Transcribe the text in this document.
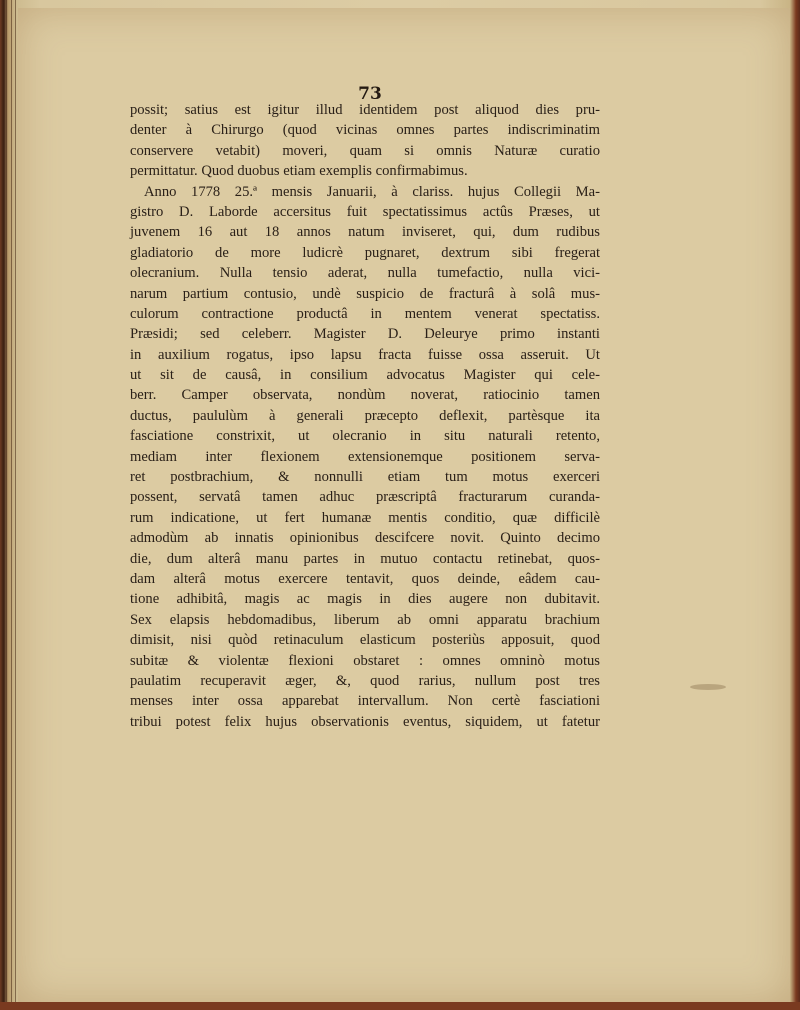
73
possit; satius est igitur illud identidem post aliquod dies pru-
denter à Chirurgo (quod vicinas omnes partes indiscriminatim
conservere vetabit) moveri, quam si omnis Naturæ curatio
permittatur. Quod duobus etiam exemplis confirmabimus.
Anno 1778 25.ª mensis Januarii, à clariss. hujus Collegii Ma-
gistro D. Laborde accersitus fuit spectatissimus actûs Præses, ut
juvenem 16 aut 18 annos natum inviseret, qui, dum rudibus
gladiatorio de more ludicrè pugnaret, dextrum sibi fregerat
olecranium. Nulla tensio aderat, nulla tumefactio, nulla vici-
narum partium contusio, undè suspicio de fracturâ à solâ mus-
culorum contractione productâ in mentem venerat spectatiss.
Præsidi; sed celeberr. Magister D. Deleurye primo instanti
in auxilium rogatus, ipso lapsu fracta fuisse ossa asseruit. Ut
ut sit de causâ, in consilium advocatus Magister qui cele-
berr. Camper observata, nondùm noverat, ratiocinio tamen
ductus, paululùm à generali præcepto deflexit, partèsque ita
fasciatione constrixit, ut olecranio in situ naturali retento,
mediam inter flexionem extensionemque positionem serva-
ret postbrachium, & nonnulli etiam tum motus exerceri
possent, servatâ tamen adhuc præscriptâ fracturarum curanda-
rum indicatione, ut fert humanæ mentis conditio, quæ difficilè
admodùm ab innatis opinionibus descifcere novit. Quinto decimo
die, dum alterâ manu partes in mutuo contactu retinebat, quos-
dam alterâ motus exercere tentavit, quos deinde, eâdem cau-
tione adhibitâ, magis ac magis in dies augere non dubitavit.
Sex elapsis hebdomadibus, liberum ab omni apparatu brachium
dimisit, nisi quòd retinaculum elasticum posteriùs apposuit, quod
subitæ & violentæ flexioni obstaret : omnes omninò motus
paulatim recuperavit æger, &, quod rarius, nullum post tres
menses inter ossa apparebat intervallum. Non certè fasciationi
tribui potest felix hujus observationis eventus, siquidem, ut fatetur
